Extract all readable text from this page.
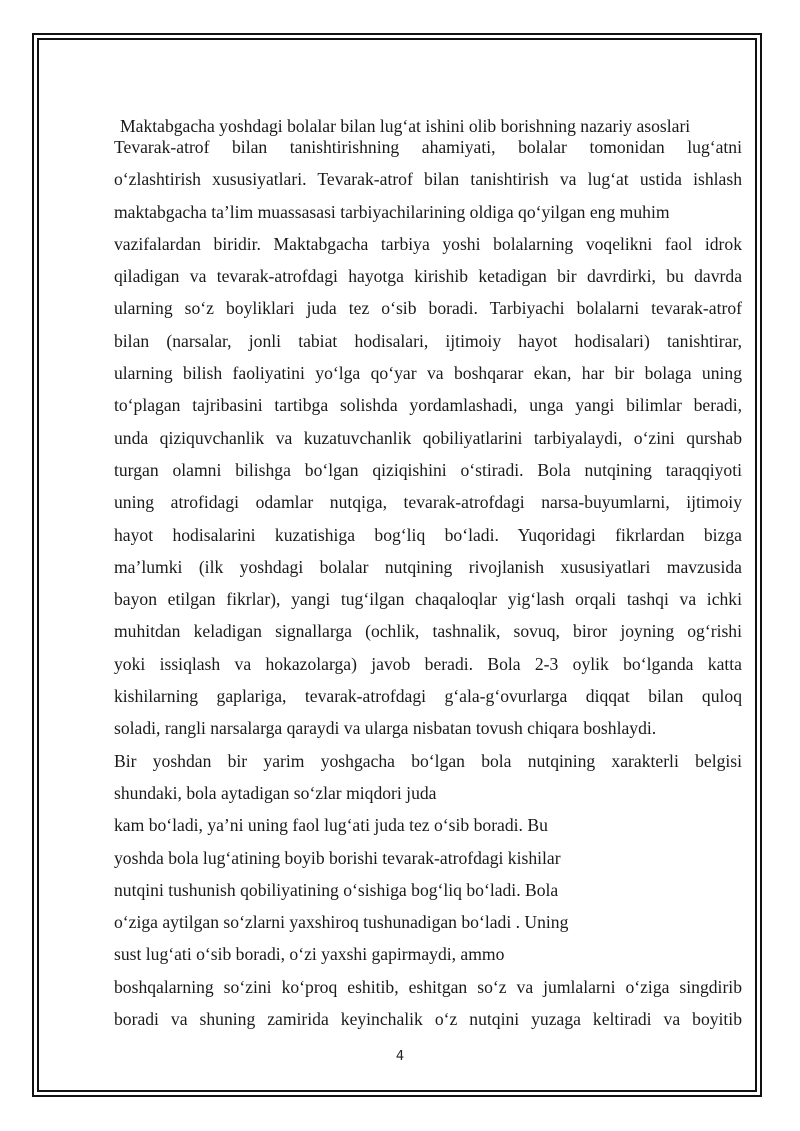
Maktabgacha yoshdagi bolalar bilan lug‘at ishini olib borishning nazariy asoslari
Tevarak-atrof bilan tanishtirishning ahamiyati, bolalar tomonidan lug‘atni
o‘zlashtirish xususiyatlari. Tevarak-atrof bilan tanishtirish va lug‘at ustida ishlash
maktabgacha ta’lim muassasasi tarbiyachilarining oldiga qo‘yilgan eng muhim
vazifalardan biridir. Maktabgacha tarbiya yoshi bolalarning voqelikni faol idrok
qiladigan va tevarak-atrofdagi hayotga kirishib ketadigan bir davrdirki, bu davrda
ularning so‘z boyliklari juda tez o‘sib boradi. Tarbiyachi bolalarni tevarak-atrof
bilan (narsalar, jonli tabiat hodisalari, ijtimoiy hayot hodisalari) tanishtirar,
ularning bilish faoliyatini yo‘lga qo‘yar va boshqarar ekan, har bir bolaga uning
to‘plagan tajribasini tartibga solishda yordamlashadi, unga yangi bilimlar beradi,
unda qiziquvchanlik va kuzatuvchanlik qobiliyatlarini tarbiyalaydi, o‘zini qurshab
turgan olamni bilishga bo‘lgan qiziqishini o‘stiradi. Bola nutqining taraqqiyoti
uning atrofidagi odamlar nutqiga, tevarak-atrofdagi narsa-buyumlarni, ijtimoiy
hayot hodisalarini kuzatishiga bog‘liq bo‘ladi. Yuqoridagi fikrlardan bizga
ma’lumki (ilk yoshdagi bolalar nutqining rivojlanish xususiyatlari mavzusida
bayon etilgan fikrlar), yangi tug‘ilgan chaqaloqlar yig‘lash orqali tashqi va ichki
muhitdan keladigan signallarga (ochlik, tashnalik, sovuq, biror joyning og‘rishi
yoki issiqlash va hokazolarga) javob beradi. Bola 2-3 oylik bo‘lganda katta
kishilarning gaplariga, tevarak-atrofdagi g‘ala-g‘ovurlarga diqqat bilan quloq
soladi, rangli narsalarga qaraydi va ularga nisbatan tovush chiqara boshlaydi.
Bir yoshdan bir yarim yoshgacha bo‘lgan bola nutqining xarakterli belgisi
shundaki, bola aytadigan so‘zlar miqdori juda
kam bo‘ladi, ya’ni uning faol lug‘ati juda tez o‘sib boradi. Bu
yoshda bola lug‘atining boyib borishi tevarak-atrofdagi kishilar
nutqini tushunish qobiliyatining o‘sishiga bog‘liq bo‘ladi. Bola
o‘ziga aytilgan so‘zlarni yaxshiroq tushunadigan bo‘ladi . Uning
sust lug‘ati o‘sib boradi, o‘zi yaxshi gapirmaydi, ammo
boshqalarning so‘zini ko‘proq eshitib, eshitgan so‘z va jumlalarni o‘ziga singdirib
boradi va shuning zamirida keyinchalik o‘z nutqini yuzaga keltiradi va boyitib
4
